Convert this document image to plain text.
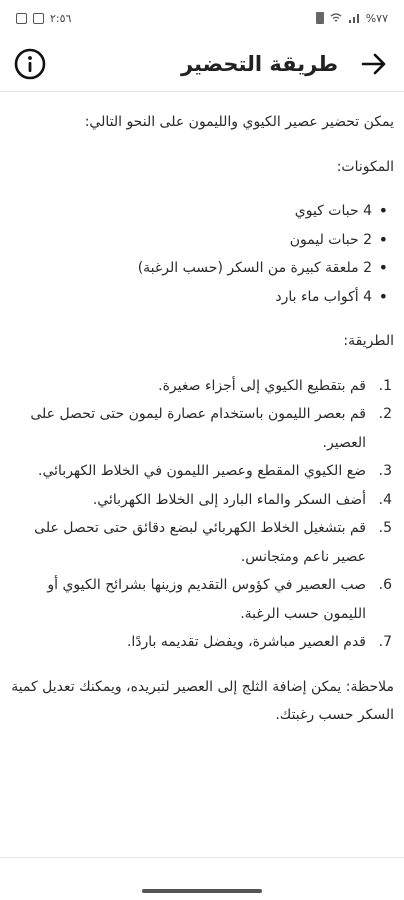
٢:٥٦	%٧٧
طريقة التحضير

يمكن تحضير عصير الكيوي والليمون على النحو التالي:

المكونات:

• 4 حبات كيوي
• 2 حبات ليمون
• 2 ملعقة كبيرة من السكر (حسب الرغبة)
• 4 أكواب ماء بارد

الطريقة:

1.
قم بتقطيع الكيوي إلى أجزاء صغيرة.
2.
قم بعصر الليمون باستخدام عصارة ليمون حتى تحصل على العصير.
3.
ضع الكيوي المقطع وعصير الليمون في الخلاط الكهربائي.
4.
أضف السكر والماء البارد إلى الخلاط الكهربائي.
5.
قم بتشغيل الخلاط الكهربائي لبضع دقائق حتى تحصل على عصير ناعم ومتجانس.
6.
صب العصير في كؤوس التقديم وزينها بشرائح الكيوي أو الليمون حسب الرغبة.
7.
قدم العصير مباشرة، ويفضل تقديمه باردًا.

ملاحظة: يمكن إضافة الثلج إلى العصير لتبريده، ويمكنك تعديل كمية السكر حسب رغبتك.
